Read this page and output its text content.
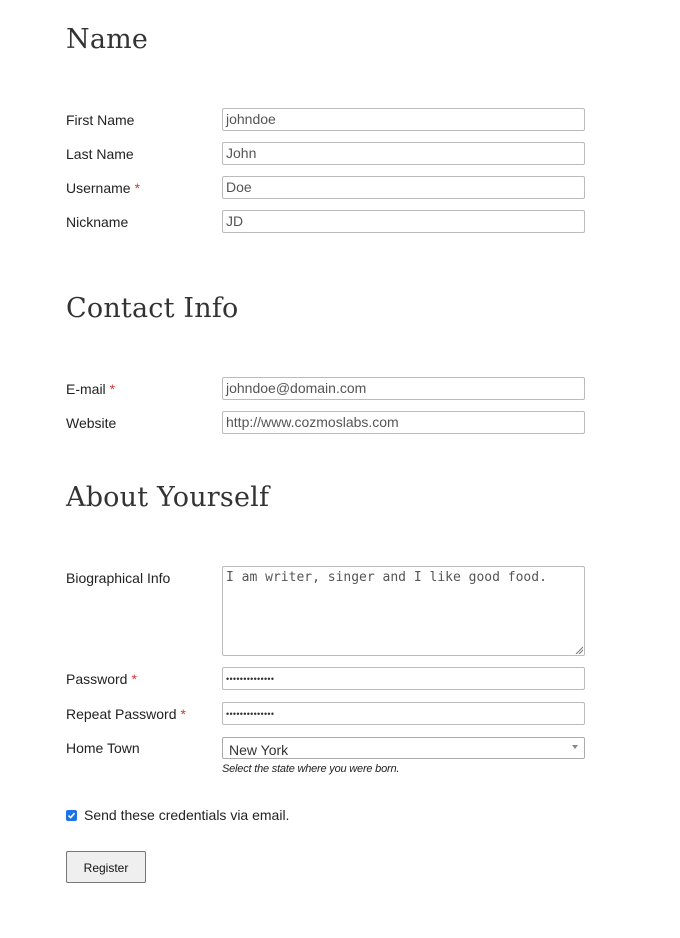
Name
First Name	johndoe
Last Name	John
Username *	Doe
Nickname	JD
Contact Info
E-mail *	johndoe@domain.com
Website	http://www.cozmoslabs.com
About Yourself
Biographical Info	I am writer, singer and I like good food.
Password *	••••••••••••••
Repeat Password *	••••••••••••••
Home Town	New York
Select the state where you were born.
Send these credentials via email.
Register
